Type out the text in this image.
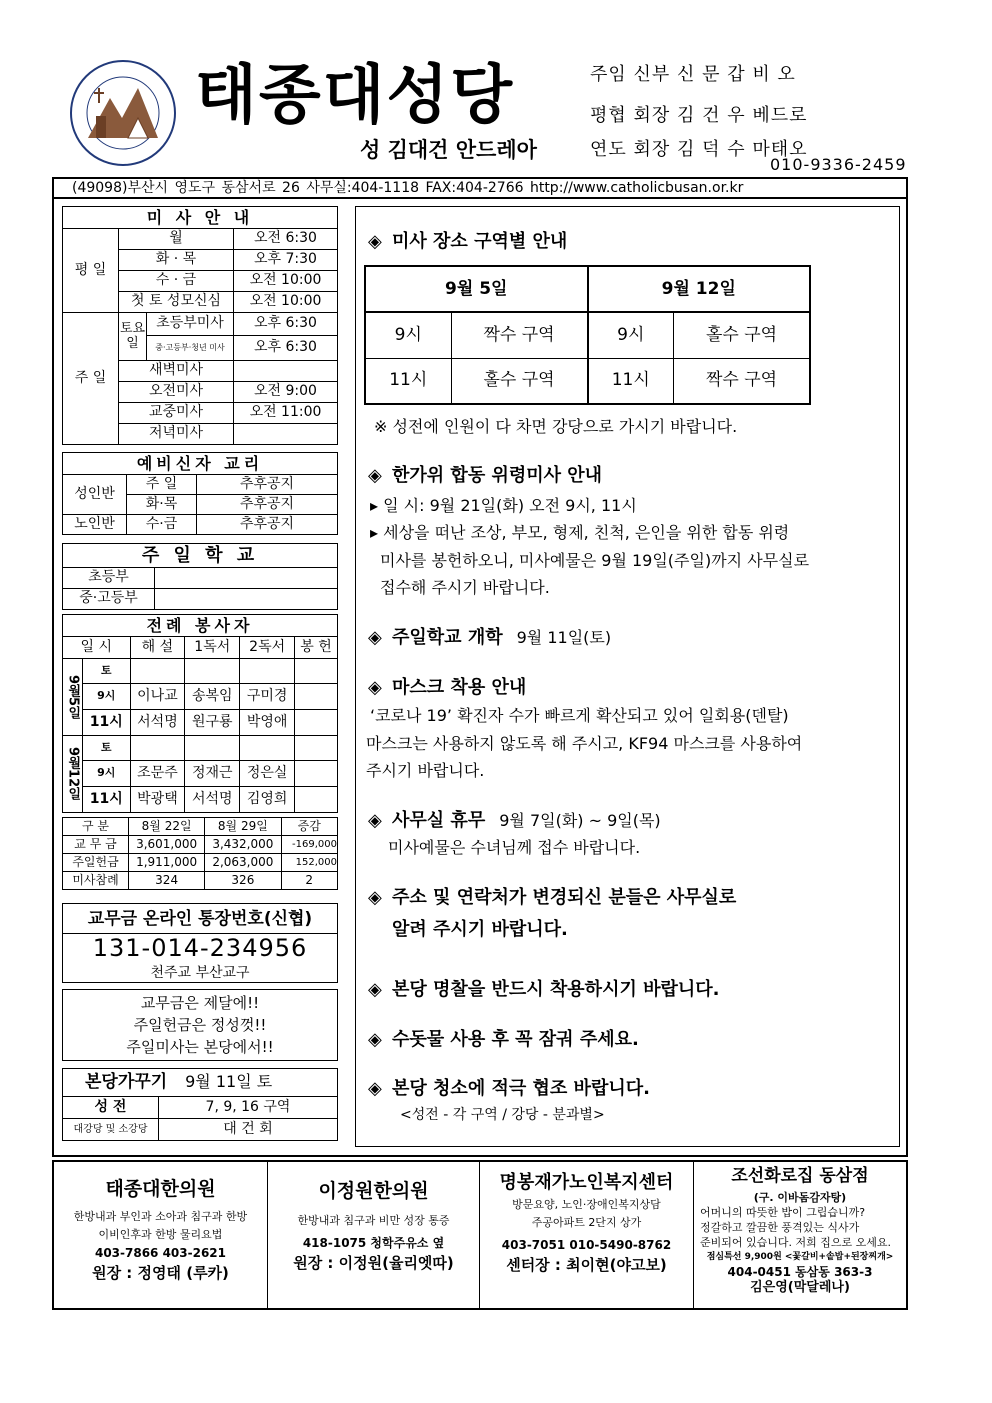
태종대성당
성 김대건 안드레아
주임 신부 신 문 갑 비 오
평협 회장 김 건 우 베드로
연도 회장 김 덕 수 마태오
010-9336-2459
(49098)부산시 영도구 동삼서로 26 사무실:404-1118 FAX:404-2766 http://www.catholicbusan.or.kr
미 사 안 내			
평 일	월		오전 6:30
	화 · 목		오후 7:30
	수 · 금		오전 10:00
	첫 토 성모신심		오전 10:00
주 일	토요일	초등부미사	오후 6:30
		중·고등부·청년 미사	오후 6:30
	새벽미사		
	오전미사		오전 9:00
	교중미사		오전 11:00
	저녁미사		
예비신자 교리		
성인반	주 일	추후공지
	화·목	추후공지
노인반	수·금	추후공지
주 일 학 교	
초등부	
중·고등부	
전례 봉사자					
일 시		해 설	1독서	2독서	봉 헌
9월5일	토				
	9시	이나교	송복임	구미경	
	11시	서석명	원구룡	박영애	
9월12일	토				
	9시	조문주	정재근	정은실	
	11시	박광택	서석명	김영희	
구 분	8월 22일	8월 29일	증감
교 무 금	3,601,000	3,432,000	-169,000
주일헌금	1,911,000	2,063,000	152,000
미사참례	324	326	2
교무금 온라인 통장번호(신협)
131-014-234956
천주교 부산교구
교무금은 제달에!!
주일헌금은 정성껏!!
주일미사는 본당에서!!
본당가꾸기 9월 11일 토	
성 전	7, 9, 16 구역
대강당 및 소강당	대 건 회
◈ 미사 장소 구역별 안내
9월 5일		9월 12일	
9시	짝수 구역	9시	홀수 구역
11시	홀수 구역	11시	짝수 구역
※ 성전에 인원이 다 차면 강당으로 가시기 바랍니다.
◈ 한가위 합동 위령미사 안내
▸ 일 시: 9월 21일(화) 오전 9시, 11시
▸ 세상을 떠난 조상, 부모, 형제, 친척, 은인을 위한 합동 위령
미사를 봉헌하오니, 미사예물은 9월 19일(주일)까지 사무실로
접수해 주시기 바랍니다.
◈ 주일학교 개학 9월 11일(토)
◈ 마스크 착용 안내
‘코로나 19’ 확진자 수가 빠르게 확산되고 있어 일회용(덴탈)
마스크는 사용하지 않도록 해 주시고, KF94 마스크를 사용하여
주시기 바랍니다.
◈ 사무실 휴무 9월 7일(화) ~ 9일(목)
미사예물은 수녀님께 접수 바랍니다.
◈ 주소 및 연락처가 변경되신 분들은 사무실로
알려 주시기 바랍니다.
◈ 본당 명찰을 반드시 착용하시기 바랍니다.
◈ 수돗물 사용 후 꼭 잠궈 주세요.
◈ 본당 청소에 적극 협조 바랍니다.
<성전 - 각 구역 / 강당 - 분과별>
태종대한의원
한방내과 부인과 소아과 침구과 한방
이비인후과 한방 물리요법
403-7866 403-2621
원장 : 정영태 (루카)
이정원한의원
한방내과 침구과 비만 성장 통증
418-1075 청학주유소 옆
원장 : 이정원(율리엣따)
명봉재가노인복지센터
방문요양, 노인·장애인복지상담
주공아파트 2단지 상가
403-7051 010-5490-8762
센터장 : 최이현(야고보)
조선화로집 동삼점
(구. 이바돔감자탕)
어머니의 따뜻한 밥이 그립습니까?
정갈하고 깔끔한 풍격있는 식사가
준비되어 있습니다. 저희 집으로 오세요.
점심특선 9,900원 <꽃갈비+솥밥+된장찌개>
404-0451 동삼동 363-3
김은영(막달레나)
